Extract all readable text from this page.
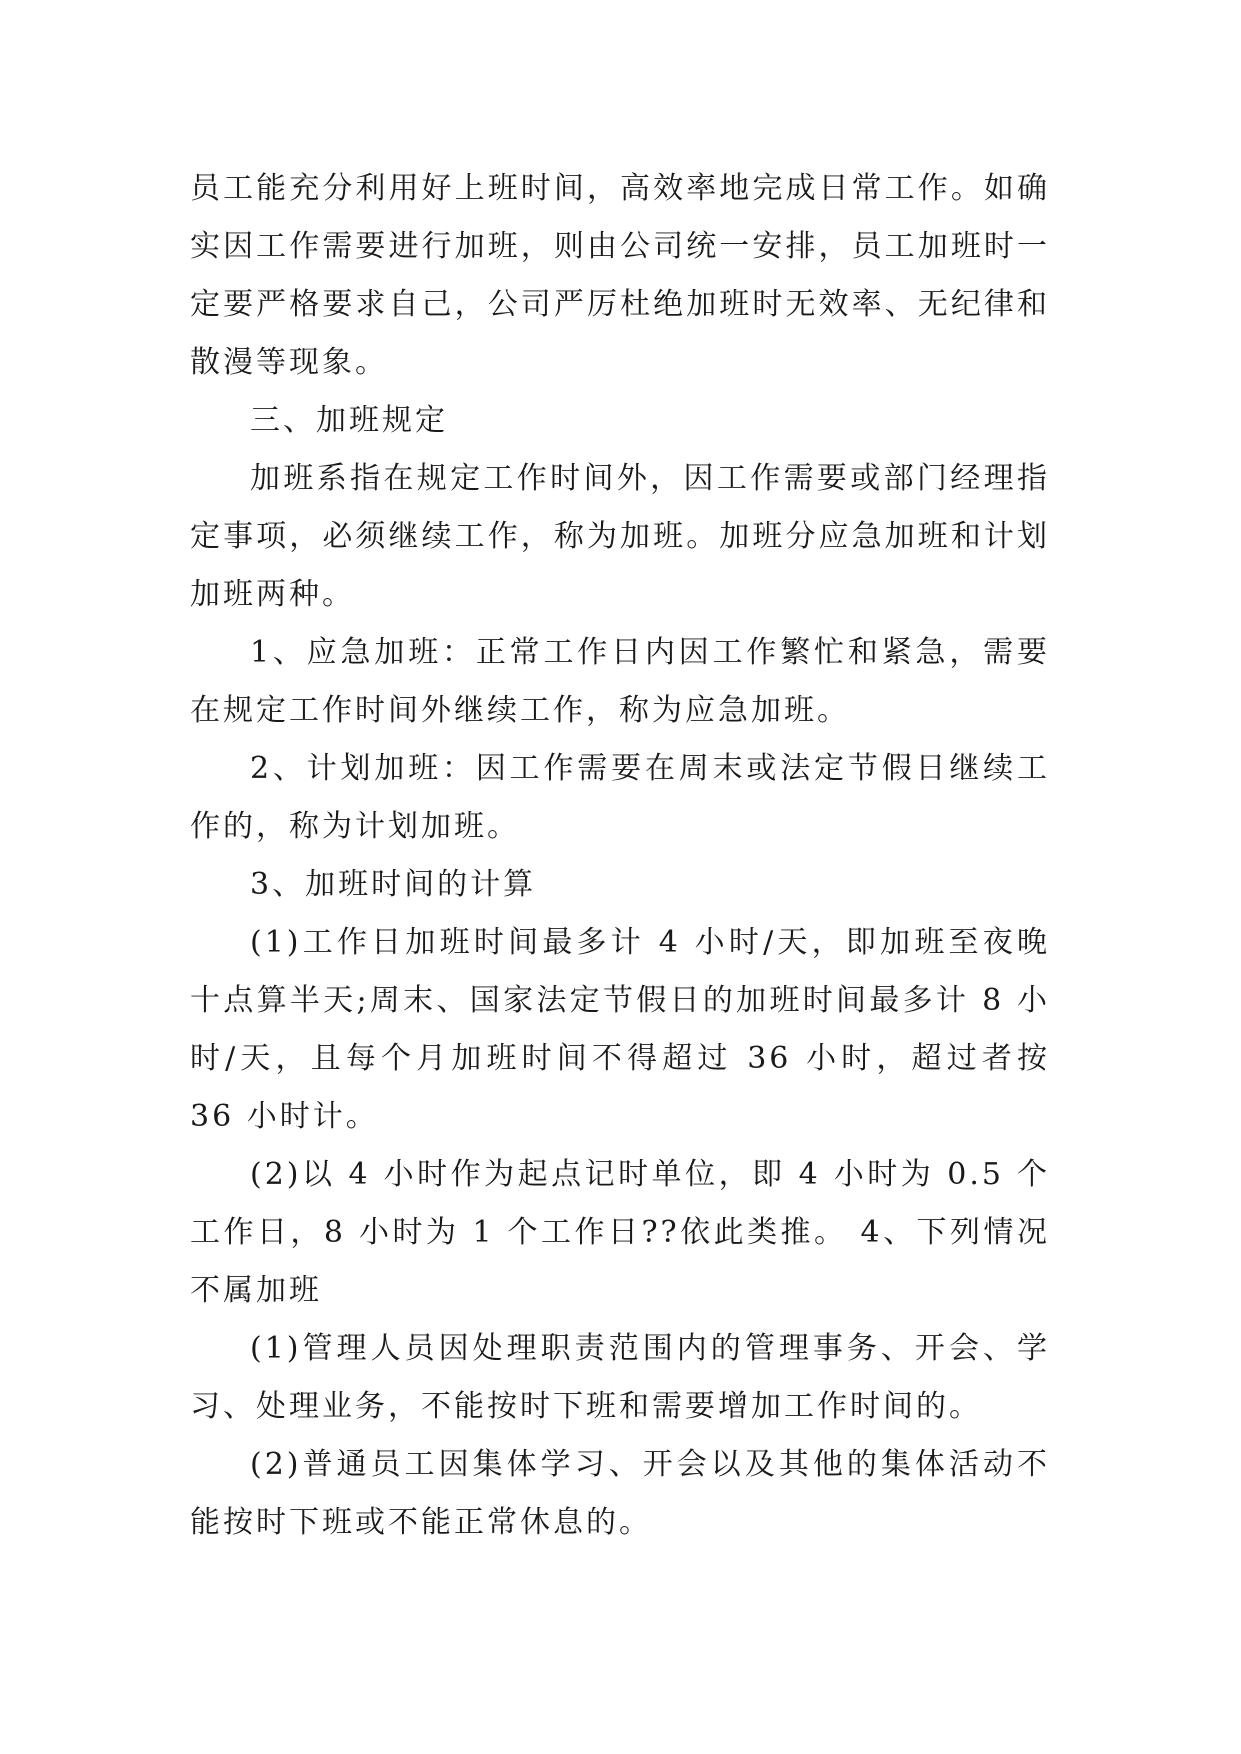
员工能充分利用好上班时间，高效率地完成日常工作。如确实因工作需要进行加班，则由公司统一安排，员工加班时一定要严格要求自己，公司严厉杜绝加班时无效率、无纪律和散漫等现象。

三、加班规定

加班系指在规定工作时间外，因工作需要或部门经理指定事项，必须继续工作，称为加班。加班分应急加班和计划加班两种。

1、应急加班：正常工作日内因工作繁忙和紧急，需要在规定工作时间外继续工作，称为应急加班。

2、计划加班：因工作需要在周末或法定节假日继续工作的，称为计划加班。

3、加班时间的计算

(1)工作日加班时间最多计 4 小时/天，即加班至夜晚十点算半天;周末、国家法定节假日的加班时间最多计 8 小时/天，且每个月加班时间不得超过 36 小时，超过者按 36 小时计。

(2)以 4 小时作为起点记时单位，即 4 小时为 0.5 个工作日，8 小时为 1 个工作日??依此类推。 4、下列情况不属加班

(1)管理人员因处理职责范围内的管理事务、开会、学习、处理业务，不能按时下班和需要增加工作时间的。

(2)普通员工因集体学习、开会以及其他的集体活动不能按时下班或不能正常休息的。
